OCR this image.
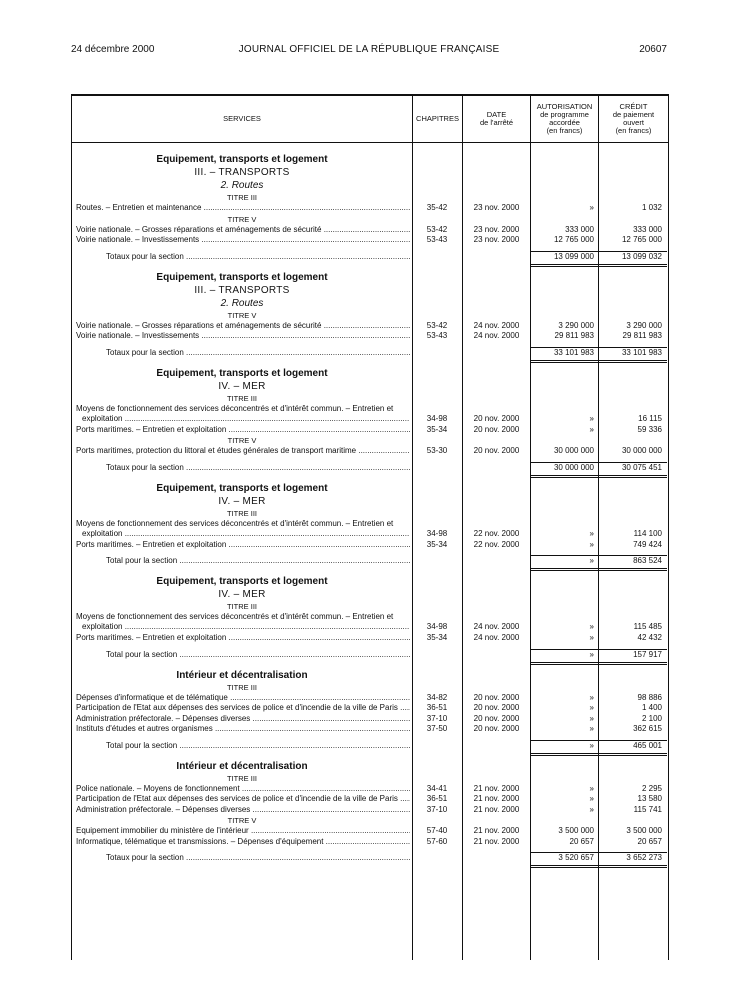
24 décembre 2000	JOURNAL OFFICIEL DE LA RÉPUBLIQUE FRANÇAISE	20607
SERVICES	CHAPITRES	DATE
de l'arrêté
AUTORISATION
de programme
accordée
(en francs)
CRÉDIT
de paiement
ouvert
(en francs)
Equipement, transports et logement
III. – TRANSPORTS
2. Routes
TITRE III
Routes. – Entretien et maintenance .....	35-42	23 nov. 2000	»	1 032
TITRE V
Voirie nationale. – Grosses réparations et aménagements de sécurité .....	53-42	23 nov. 2000	333 000	333 000
Voirie nationale. – Investissements .....	53-43	23 nov. 2000	12 765 000	12 765 000
Totaux pour la section .....	13 099 000	13 099 032
Equipement, transports et logement
III. – TRANSPORTS
2. Routes
TITRE V
Voirie nationale. – Grosses réparations et aménagements de sécurité .....	53-42	24 nov. 2000	3 290 000	3 290 000
Voirie nationale. – Investissements .....	53-43	24 nov. 2000	29 811 983	29 811 983
Totaux pour la section .....	33 101 983	33 101 983
Equipement, transports et logement
IV. – MER
TITRE III
Moyens de fonctionnement des services déconcentrés et d'intérêt commun. – Entretien et
exploitation .....	34-98	20 nov. 2000	»	16 115
Ports maritimes. – Entretien et exploitation .....	35-34	20 nov. 2000	»	59 336
TITRE V
Ports maritimes, protection du littoral et études générales de transport maritime .....	53-30	20 nov. 2000	30 000 000	30 000 000
Totaux pour la section .....	30 000 000	30 075 451
Equipement, transports et logement
IV. – MER
TITRE III
Moyens de fonctionnement des services déconcentrés et d'intérêt commun. – Entretien et
exploitation .....	34-98	22 nov. 2000	»	114 100
Ports maritimes. – Entretien et exploitation .....	35-34	22 nov. 2000	»	749 424
Total pour la section .....	»	863 524
Equipement, transports et logement
IV. – MER
TITRE III
Moyens de fonctionnement des services déconcentrés et d'intérêt commun. – Entretien et
exploitation .....	34-98	24 nov. 2000	»	115 485
Ports maritimes. – Entretien et exploitation .....	35-34	24 nov. 2000	»	42 432
Total pour la section .....	»	157 917
Intérieur et décentralisation
TITRE III
Dépenses d'informatique et de télématique .....	34-82	20 nov. 2000	»	98 886
Participation de l'Etat aux dépenses des services de police et d'incendie de la ville de Paris .....	36-51	20 nov. 2000	»	1 400
Administration préfectorale. – Dépenses diverses .....	37-10	20 nov. 2000	»	2 100
Instituts d'études et autres organismes .....	37-50	20 nov. 2000	»	362 615
Total pour la section .....	»	465 001
Intérieur et décentralisation
TITRE III
Police nationale. – Moyens de fonctionnement .....	34-41	21 nov. 2000	»	2 295
Participation de l'Etat aux dépenses des services de police et d'incendie de la ville de Paris .....	36-51	21 nov. 2000	»	13 580
Administration préfectorale. – Dépenses diverses .....	37-10	21 nov. 2000	»	115 741
TITRE V
Equipement immobilier du ministère de l'intérieur .....	57-40	21 nov. 2000	3 500 000	3 500 000
Informatique, télématique et transmissions. – Dépenses d'équipement .....	57-60	21 nov. 2000	20 657	20 657
Totaux pour la section .....	3 520 657	3 652 273
